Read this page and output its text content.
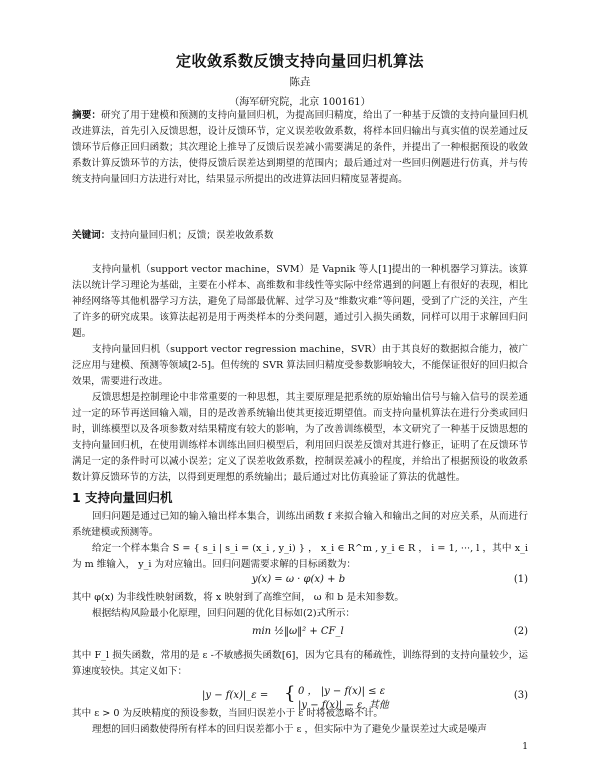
定收敛系数反馈支持向量回归机算法
陈垚
（海军研究院，北京 100161）
摘要：研究了用于建模和预测的支持向量回归机，为提高回归精度，给出了一种基于反馈的支持向量回归机改进算法，首先引入反馈思想，设计反馈环节，定义误差收敛系数，将样本回归输出与真实值的误差通过反馈环节后修正回归函数；其次理论上推导了反馈后误差减小需要满足的条件，并提出了一种根据预设的收敛系数计算反馈环节的方法，使得反馈后误差达到期望的范围内；最后通过对一些回归例题进行仿真，并与传统支持向量回归方法进行对比，结果显示所提出的改进算法回归精度显著提高。
关键词：支持向量回归机；反馈；误差收敛系数
支持向量机（support vector machine，SVM）是 Vapnik 等人[1]提出的一种机器学习算法。该算法以统计学习理论为基础，主要在小样本、高维数和非线性等实际中经常遇到的问题上有很好的表现，相比神经网络等其他机器学习方法，避免了局部最优解、过学习及“维数灾难”等问题，受到了广泛的关注，产生了许多的研究成果。该算法起初是用于两类样本的分类问题，通过引入损失函数，同样可以用于求解回归问题。
支持向量回归机（support vector regression machine，SVR）由于其良好的数据拟合能力，被广泛应用与建模、预测等领域[2-5]。但传统的 SVR 算法回归精度受参数影响较大，不能保证很好的回归拟合效果，需要进行改进。
反馈思想是控制理论中非常重要的一种思想，其主要原理是把系统的原始输出信号与输入信号的误差通过一定的环节再送回输入端，目的是改善系统输出使其更接近期望值。而支持向量机算法在进行分类或回归时，训练模型以及各项参数对结果精度有较大的影响，为了改善训练模型，本文研究了一种基于反馈思想的支持向量回归机，在使用训练样本训练出回归模型后，利用回归误差反馈对其进行修正，证明了在反馈环节满足一定的条件时可以减小误差；定义了误差收敛系数，控制误差减小的程度，并给出了根据预设的收敛系数计算反馈环节的方法，以得到更理想的系统输出；最后通过对比仿真验证了算法的优越性。
1 支持向量回归机
回归问题是通过已知的输入输出样本集合，训练出函数 f 来拟合输入和输出之间的对应关系，从而进行系统建模或预测等。
给定一个样本集合 S = { s_i | s_i = (x_i , y_i) } ， x_i ∈ R^m , y_i ∈ R ， i = 1, ···, l ，其中 x_i 为 m 维输入， y_i 为对应输出。回归问题需要求解的目标函数为：
y(x) = ω · φ(x) + b	(1)
其中 φ(x) 为非线性映射函数，将 x 映射到了高维空间， ω 和 b 是未知参数。
根据结构风险最小化原理，回归问题的优化目标如(2)式所示：
min ½‖ω‖² + CF_l	(2)
其中 F_l 损失函数，常用的是 ε -不敏感损失函数[6]，因为它具有的稀疏性，训练得到的支持向量较少，运算速度较快。其定义如下：
|y − f(x)|_ε = { 0 ， |y − f(x)| ≤ ε
|y − f(x)| − ε, 其他
(3)
其中 ε > 0 为反映精度的预设参数，当回归误差小于 ε 时将被忽略不计。
理想的回归函数使得所有样本的回归误差都小于 ε ，但实际中为了避免少量误差过大或是噪声
1
